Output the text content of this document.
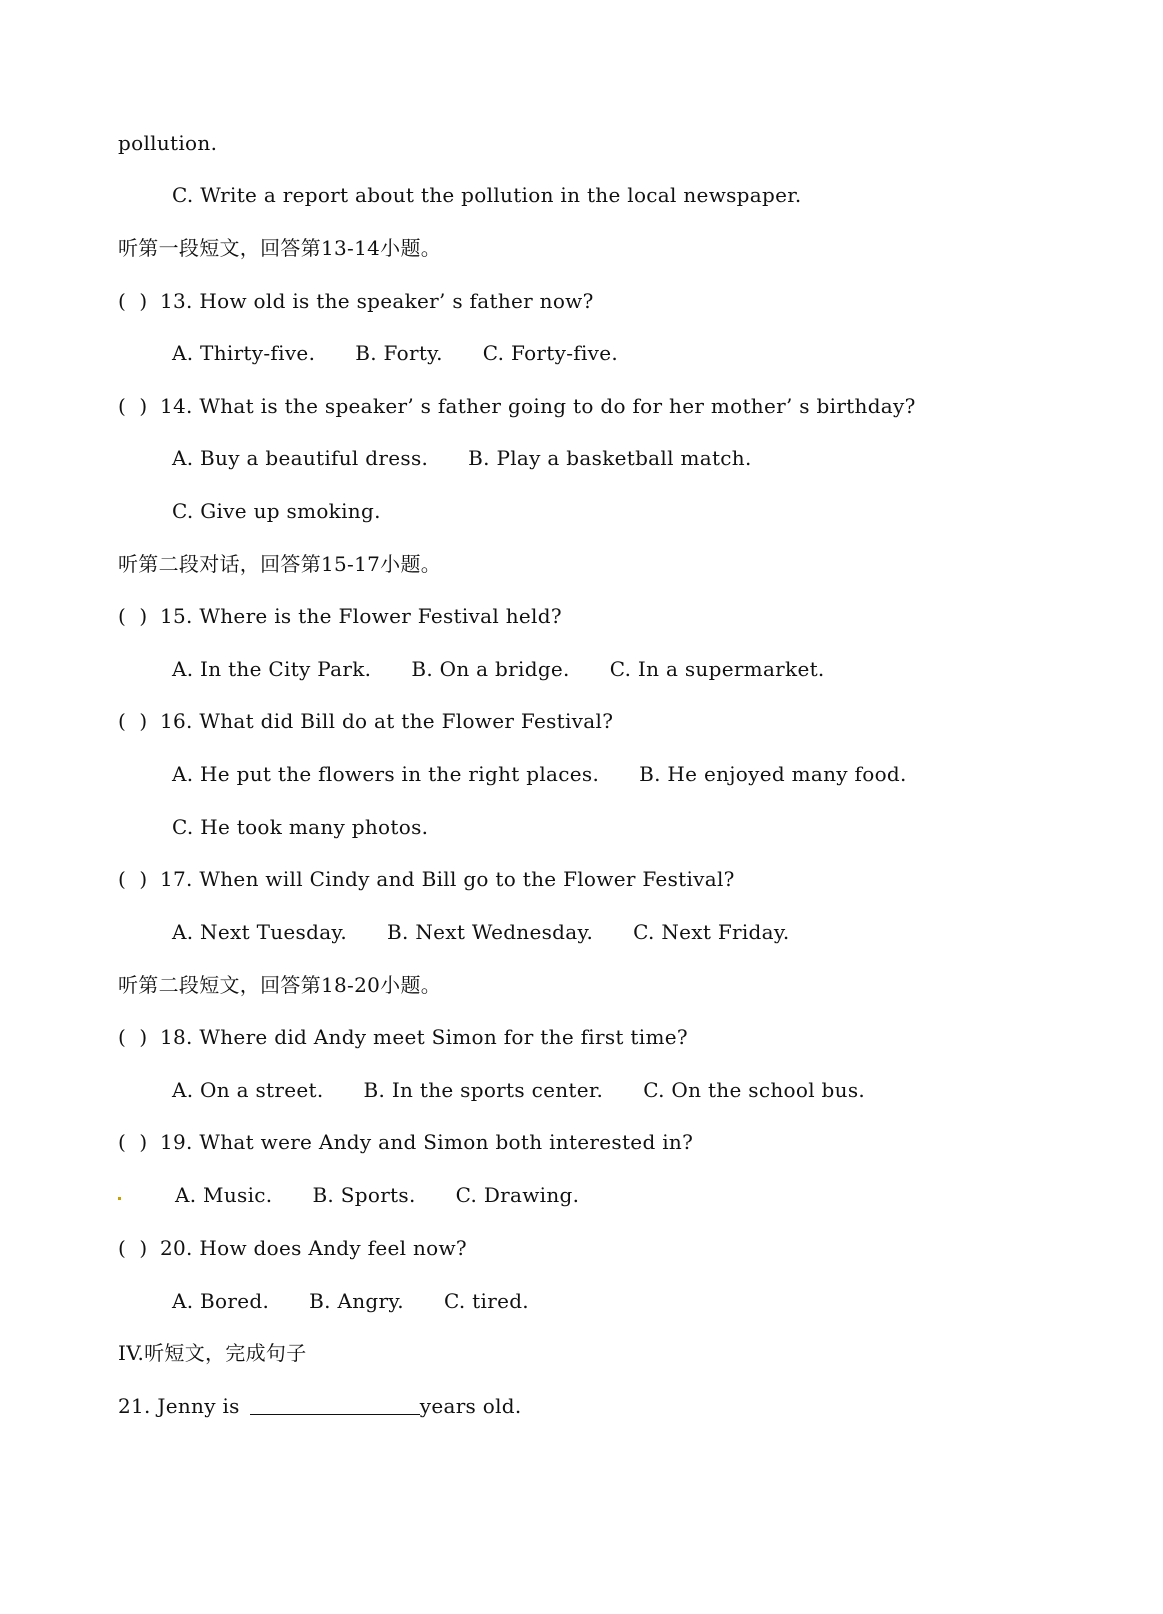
pollution.
C. Write a report about the pollution in the local newspaper.
听第一段短文，回答第13-14小题。
(  ) 13. How old is the speaker’ s father now?
A. Thirty-five. B. Forty. C. Forty-five.
(  ) 14. What is the speaker’ s father going to do for her mother’ s birthday?
A. Buy a beautiful dress. B. Play a basketball match.
C. Give up smoking.
听第二段对话，回答第15-17小题。
(  ) 15. Where is the Flower Festival held?
A. In the City Park. B. On a bridge. C. In a supermarket.
(  ) 16. What did Bill do at the Flower Festival?
A. He put the flowers in the right places. B. He enjoyed many food.
C. He took many photos.
(  ) 17. When will Cindy and Bill go to the Flower Festival?
A. Next Tuesday. B. Next Wednesday. C. Next Friday.
听第二段短文，回答第18-20小题。
(  ) 18. Where did Andy meet Simon for the first time?
A. On a street. B. In the sports center. C. On the school bus.
(  ) 19. What were Andy and Simon both interested in?
A. Music. B. Sports. C. Drawing.
(  ) 20. How does Andy feel now?
A. Bored. B. Angry. C. tired.
IV.听短文，完成句子
21. Jenny is	years old.
